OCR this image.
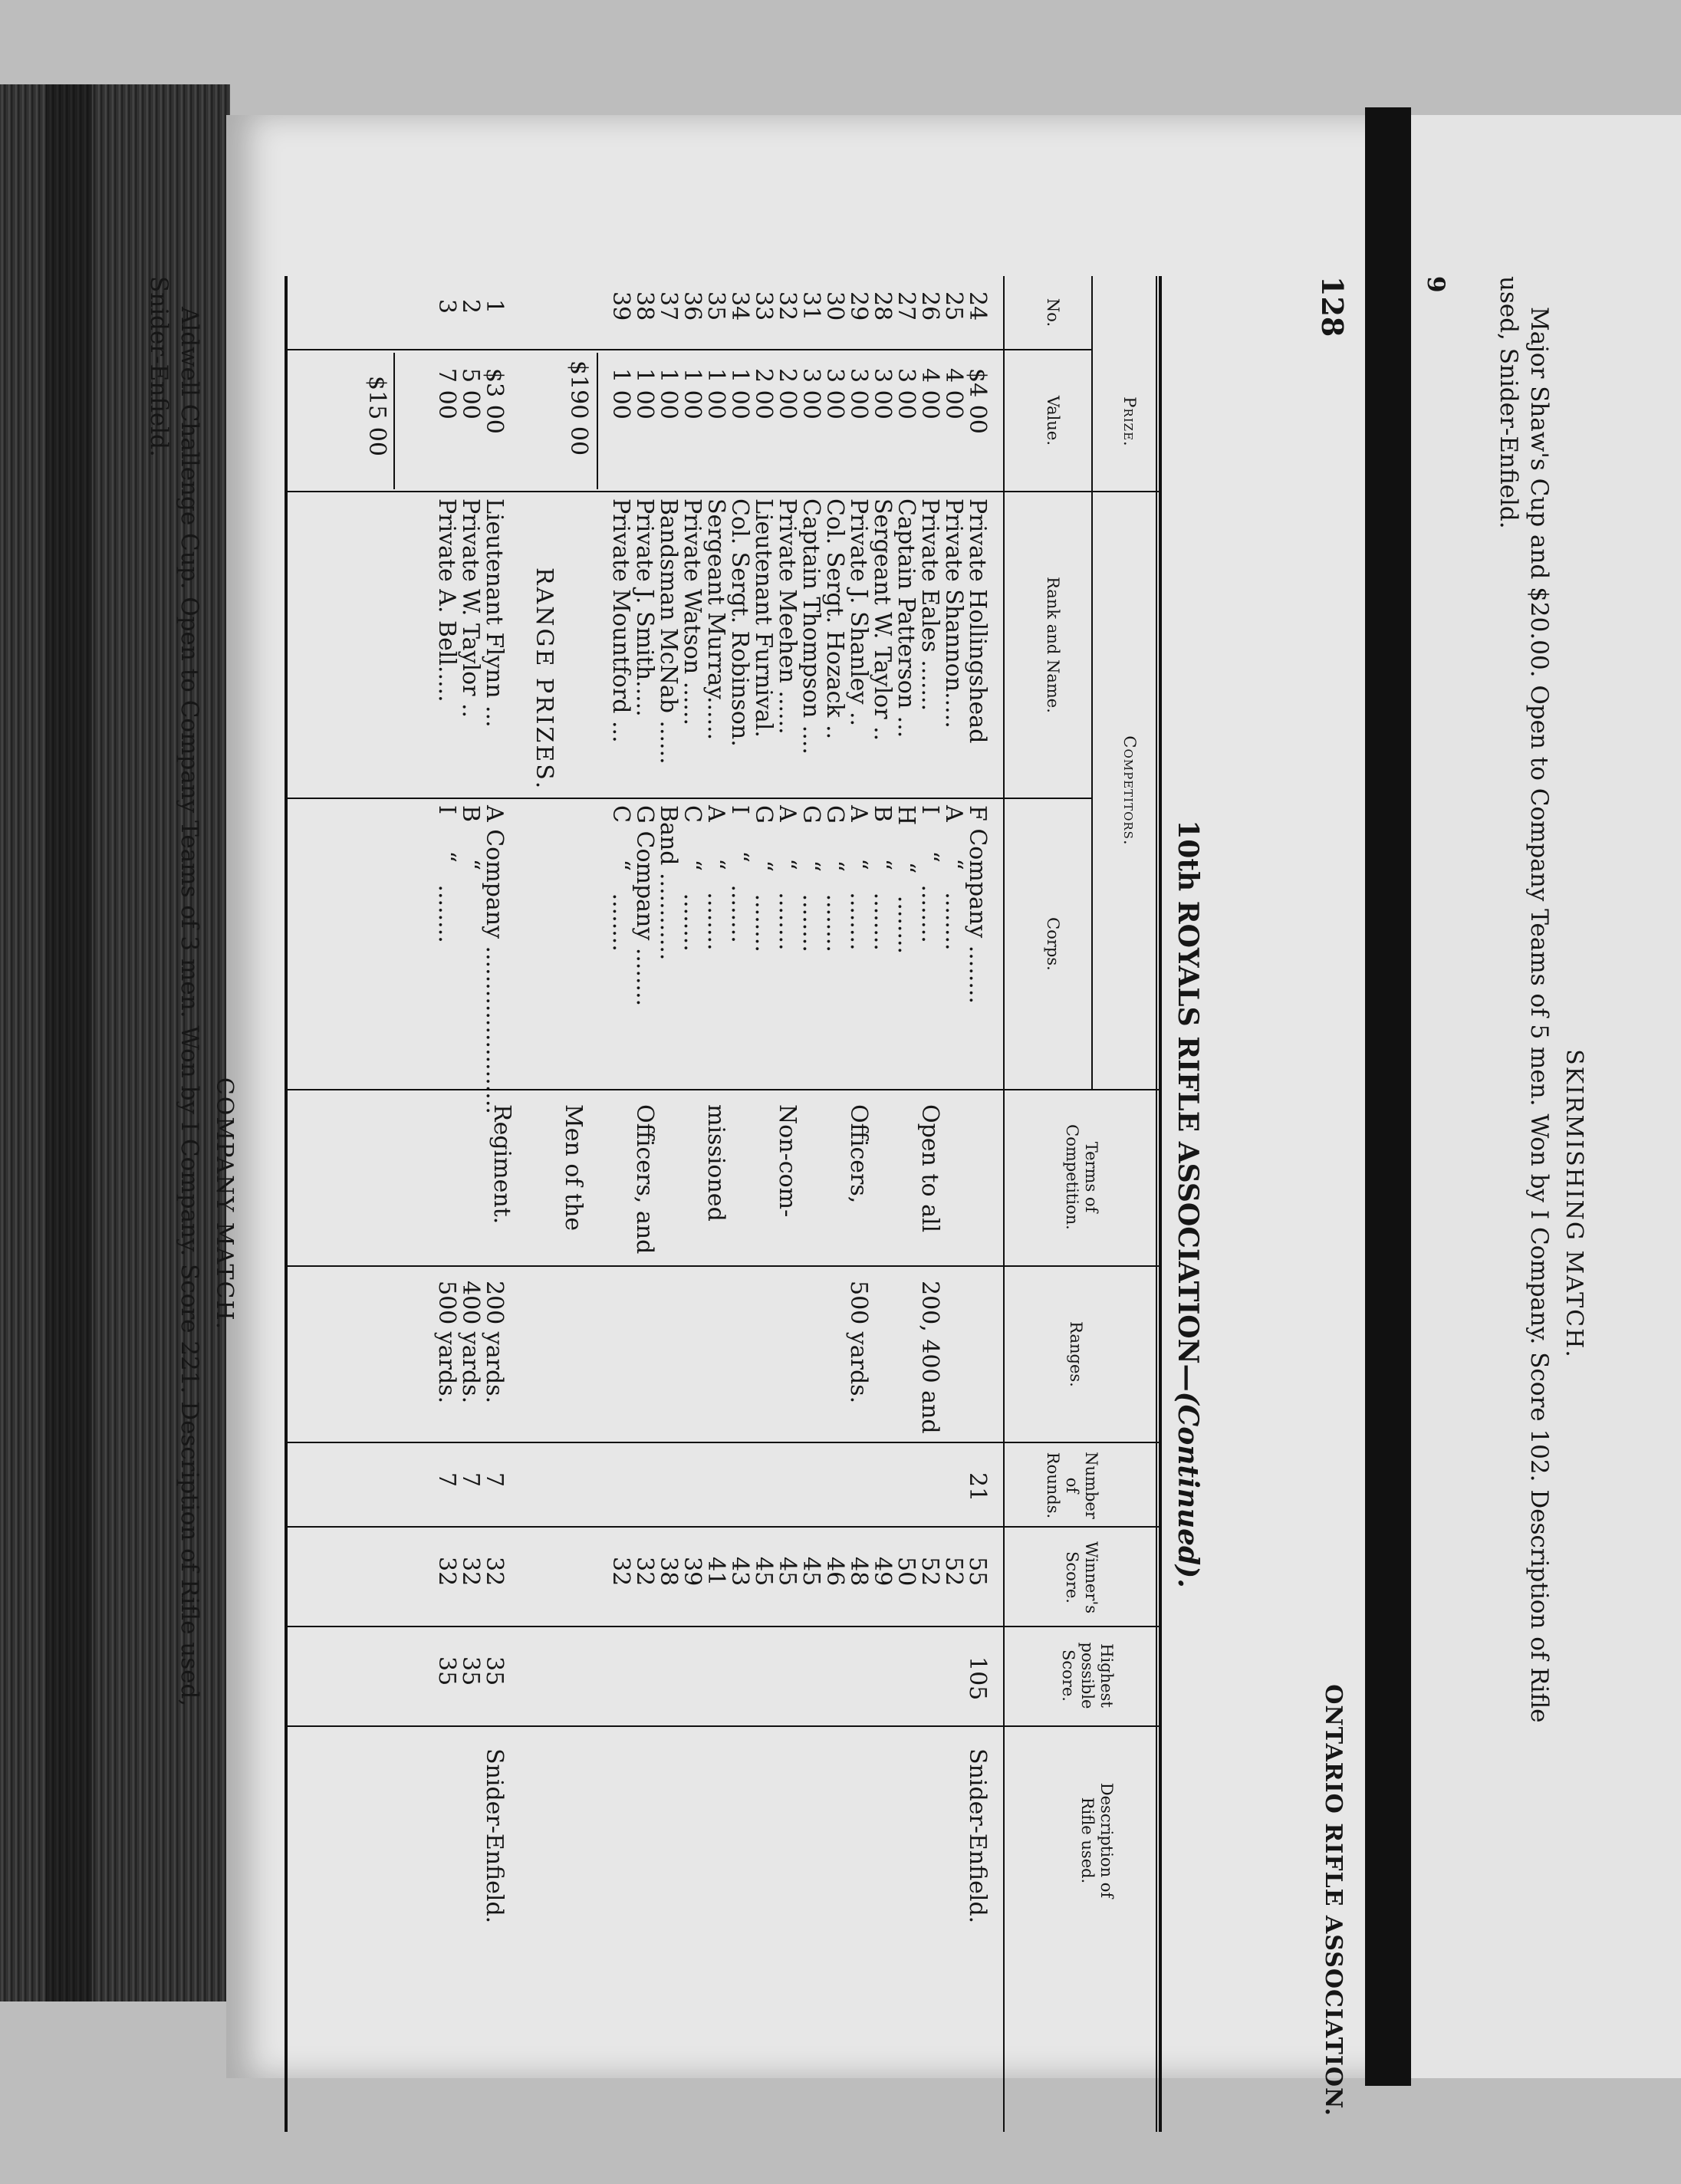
128
ONTARIO RIFLE ASSOCIATION.
10th ROYALS RIFLE ASSOCIATION—(Continued).
Prize.
No.
Value.
Competitors.
Rank and Name.
Corps.
Terms of Competition.
Ranges.
Number of Rounds.
Winner's Score.
Highest possible Score.
Description of Rifle used.
24
$4 00
Private Hollingshead
F Company ........
55
25
4 00
Private Shannon.....
A     “   ........
52
26
4 00
Private Eales .......
I     “   ........
52
27
3 00
Captain Patterson ...
H     “   ........
50
28
3 00
Sergeant W. Taylor ..
B     “   ........
49
29
3 00
Private J. Shanley ..
A     “   ........
48
30
3 00
Col. Sergt. Hozack ..
G     “   ........
46
31
3 00
Captain Thompson ....
G     “   ........
45
32
2 00
Private Meehen ......
A     “   ........
45
33
2 00
Lieutenant Furnival.
G     “   ........
45
34
1 00
Col. Sergt. Robinson.
I     “   ........
43
35
1 00
Sergeant Murray......
A     “   ........
41
36
1 00
Private Watson ......
C     “   ........
39
37
1 00
Bandsman McNab ......
Band ............
38
38
1 00
Private J. Smith.....
G Company ........
32
39
1 00
Private Mountford ...
C     “   ........
32

Open to all

Officers,

Non-com-

missioned

Officers, and

Men of the

Regiment.

200, 400 and

500 yards.

21
105
Snider-Enfield.
$190 00
RANGE PRIZES.
1
$3 00
Lieutenant Flynn ...
A Company .......................
200 yards.
7
32
35
2
5 00
Private W. Taylor ..
B     “
400 yards.
7
32
35
3
7 00
Private A. Bell.....
I     “   ........
500 yards.
7
32
35
Snider-Enfield.
$15 00
COMPANY MATCH.
Aldwell Challenge Cup. Open to Company Teams of 3 men. Won by I Company. Score 221. Description of Rifle used,
Snider-Enfield.
SKIRMISHING MATCH.
Major Shaw's Cup and $20.00. Open to Company Teams of 5 men. Won by I Company. Score 102. Description of Rifle
used, Snider-Enfield.
9
